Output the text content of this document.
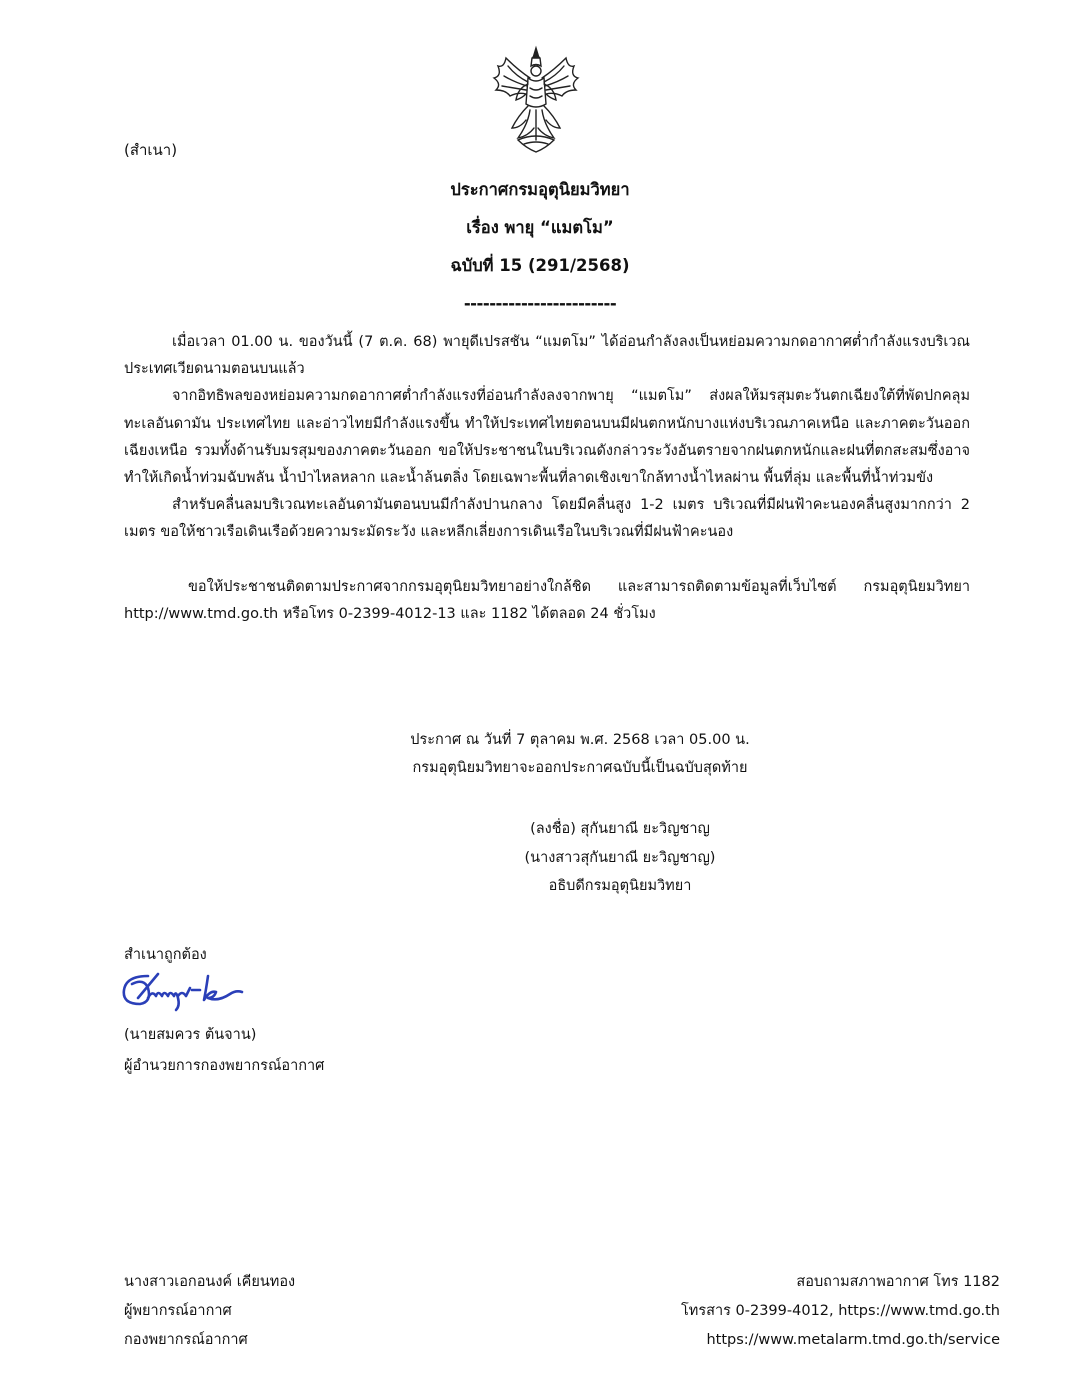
(สำเนา)
ประกาศกรมอุตุนิยมวิทยา
เรื่อง พายุ “แมตโม”
ฉบับที่ 15 (291/2568)
------------------------

เมื่อเวลา 01.00 น. ของวันนี้ (7 ต.ค. 68) พายุดีเปรสชัน “แมตโม” ได้อ่อนกำลังลงเป็นหย่อมความกดอากาศต่ำกำลังแรงบริเวณประเทศเวียดนามตอนบนแล้ว

จากอิทธิพลของหย่อมความกดอากาศต่ำกำลังแรงที่อ่อนกำลังลงจากพายุ “แมตโม” ส่งผลให้มรสุมตะวันตกเฉียงใต้ที่พัดปกคลุมทะเลอันดามัน ประเทศไทย และอ่าวไทยมีกำลังแรงขึ้น ทำให้ประเทศไทยตอนบนมีฝนตกหนักบางแห่งบริเวณภาคเหนือ และภาคตะวันออกเฉียงเหนือ รวมทั้งด้านรับมรสุมของภาคตะวันออก ขอให้ประชาชนในบริเวณดังกล่าวระวังอันตรายจากฝนตกหนักและฝนที่ตกสะสมซึ่งอาจทำให้เกิดน้ำท่วมฉับพลัน น้ำป่าไหลหลาก และน้ำล้นตลิ่ง โดยเฉพาะพื้นที่ลาดเชิงเขาใกล้ทางน้ำไหลผ่าน พื้นที่ลุ่ม และพื้นที่น้ำท่วมขัง

สำหรับคลื่นลมบริเวณทะเลอันดามันตอนบนมีกำลังปานกลาง โดยมีคลื่นสูง 1-2 เมตร บริเวณที่มีฝนฟ้าคะนองคลื่นสูงมากกว่า 2 เมตร ขอให้ชาวเรือเดินเรือด้วยความระมัดระวัง และหลีกเลี่ยงการเดินเรือในบริเวณที่มีฝนฟ้าคะนอง

ขอให้ประชาชนติดตามประกาศจากกรมอุตุนิยมวิทยาอย่างใกล้ชิด และสามารถติดตามข้อมูลที่เว็บไซต์ กรมอุตุนิยมวิทยา http://www.tmd.go.th หรือโทร 0-2399-4012-13 และ 1182 ได้ตลอด 24 ชั่วโมง

ประกาศ ณ วันที่ 7 ตุลาคม พ.ศ. 2568 เวลา 05.00 น.
กรมอุตุนิยมวิทยาจะออกประกาศฉบับนี้เป็นฉบับสุดท้าย
(ลงชื่อ) สุกันยาณี ยะวิญชาญ
(นางสาวสุกันยาณี ยะวิญชาญ)
อธิบดีกรมอุตุนิยมวิทยา
สำเนาถูกต้อง
(นายสมควร ต้นจาน)
ผู้อำนวยการกองพยากรณ์อากาศ
นางสาวเอกอนงค์ เคียนทอง
ผู้พยากรณ์อากาศ
กองพยากรณ์อากาศ
สอบถามสภาพอากาศ โทร 1182
โทรสาร 0-2399-4012, https://www.tmd.go.th
https://www.metalarm.tmd.go.th/service
